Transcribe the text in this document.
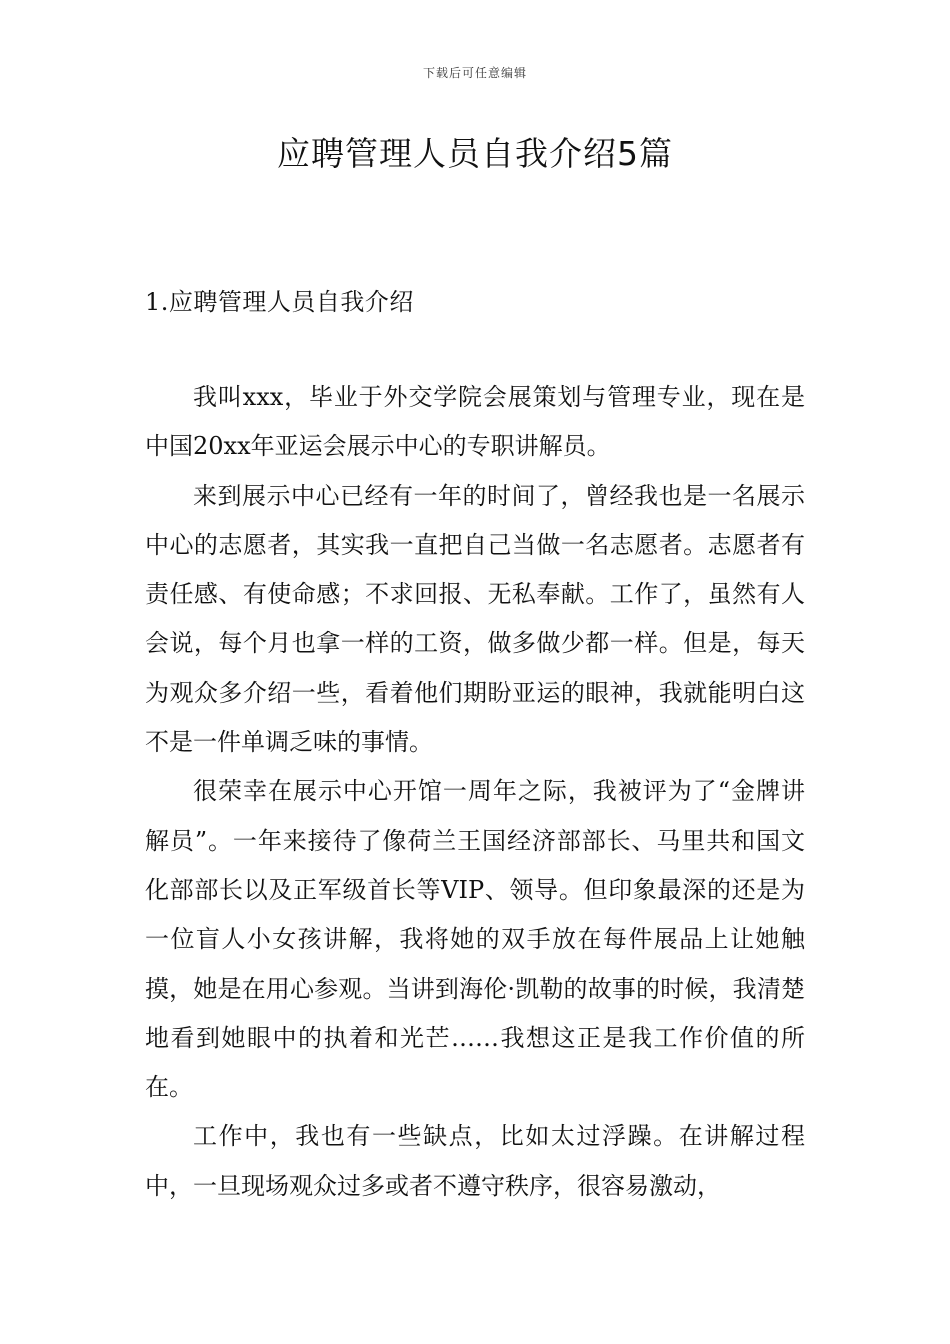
下载后可任意编辑
应聘管理人员自我介绍5篇
1.应聘管理人员自我介绍

我叫xxx，毕业于外交学院会展策划与管理专业，现在是中国20xx年亚运会展示中心的专职讲解员。

来到展示中心已经有一年的时间了，曾经我也是一名展示中心的志愿者，其实我一直把自己当做一名志愿者。志愿者有责任感、有使命感；不求回报、无私奉献。工作了，虽然有人会说，每个月也拿一样的工资，做多做少都一样。但是，每天为观众多介绍一些，看着他们期盼亚运的眼神，我就能明白这不是一件单调乏味的事情。

很荣幸在展示中心开馆一周年之际，我被评为了“金牌讲解员”。一年来接待了像荷兰王国经济部部长、马里共和国文化部部长以及正军级首长等VIP、领导。但印象最深的还是为一位盲人小女孩讲解，我将她的双手放在每件展品上让她触摸，她是在用心参观。当讲到海伦·凯勒的故事的时候，我清楚地看到她眼中的执着和光芒……我想这正是我工作价值的所在。

工作中，我也有一些缺点，比如太过浮躁。在讲解过程中，一旦现场观众过多或者不遵守秩序，很容易激动，
